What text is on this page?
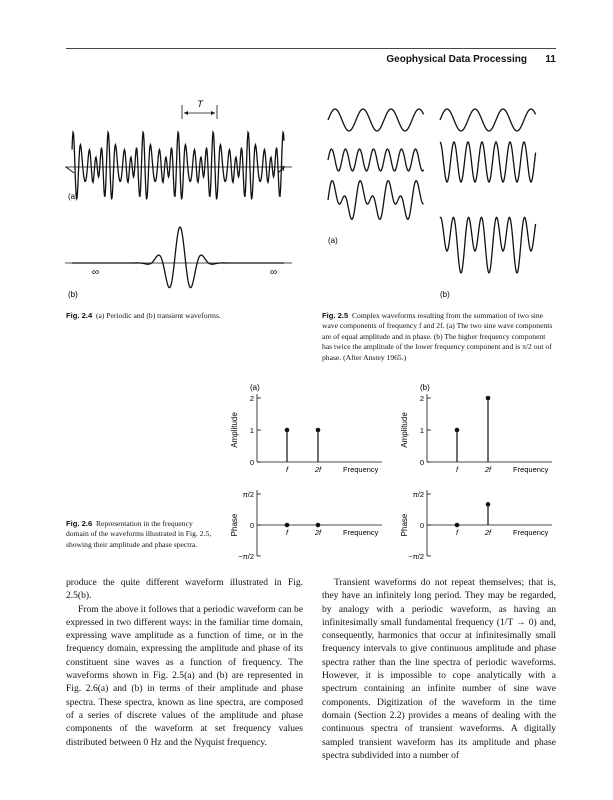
Geophysical Data Processing 11
T
(a)
∞	∞
(b)
(a)
(b)
Fig. 2.4 (a) Periodic and (b) transient waveforms.	Fig. 2.5 Complex waveforms resulting from the summation of two sine wave components of frequency f and 2f. (a) The two sine wave components are of equal amplitude and in phase. (b) The higher frequency component has twice the amplitude of the lower frequency component and is π/2 out of phase. (After Anstey 1965.)
0
1
2
Amplitude
f	2f	Frequency
(a)
0
1
2
Amplitude
f	2f	Frequency
(b)
−π/2
0
π/2
Phase	f	2f	Frequency
−π/2
0
π/2
Phase	f	2f	Frequency
Fig. 2.6 Representation in the frequency domain of the waveforms illustrated in Fig. 2.5, showing their amplitude and phase spectra.

produce the quite different waveform illustrated in Fig. 2.5(b).

From the above it follows that a periodic waveform can be expressed in two different ways: in the familiar time domain, expressing wave amplitude as a function of time, or in the frequency domain, expressing the amplitude and phase of its constituent sine waves as a function of frequency. The waveforms shown in Fig. 2.5(a) and (b) are represented in Fig. 2.6(a) and (b) in terms of their amplitude and phase spectra. These spectra, known as line spectra, are composed of a series of discrete values of the amplitude and phase components of the waveform at set frequency values distributed between 0 Hz and the Nyquist frequency.

Transient waveforms do not repeat themselves; that is, they have an infinitely long period. They may be regarded, by analogy with a periodic waveform, as having an infinitesimally small fundamental frequency (1/T → 0) and, consequently, harmonics that occur at infinitesimally small frequency intervals to give continuous amplitude and phase spectra rather than the line spectra of periodic waveforms. However, it is impossible to cope analytically with a spectrum containing an infinite number of sine wave components. Digitization of the waveform in the time domain (Section 2.2) provides a means of dealing with the continuous spectra of transient waveforms. A digitally sampled transient waveform has its amplitude and phase spectra subdivided into a number of
